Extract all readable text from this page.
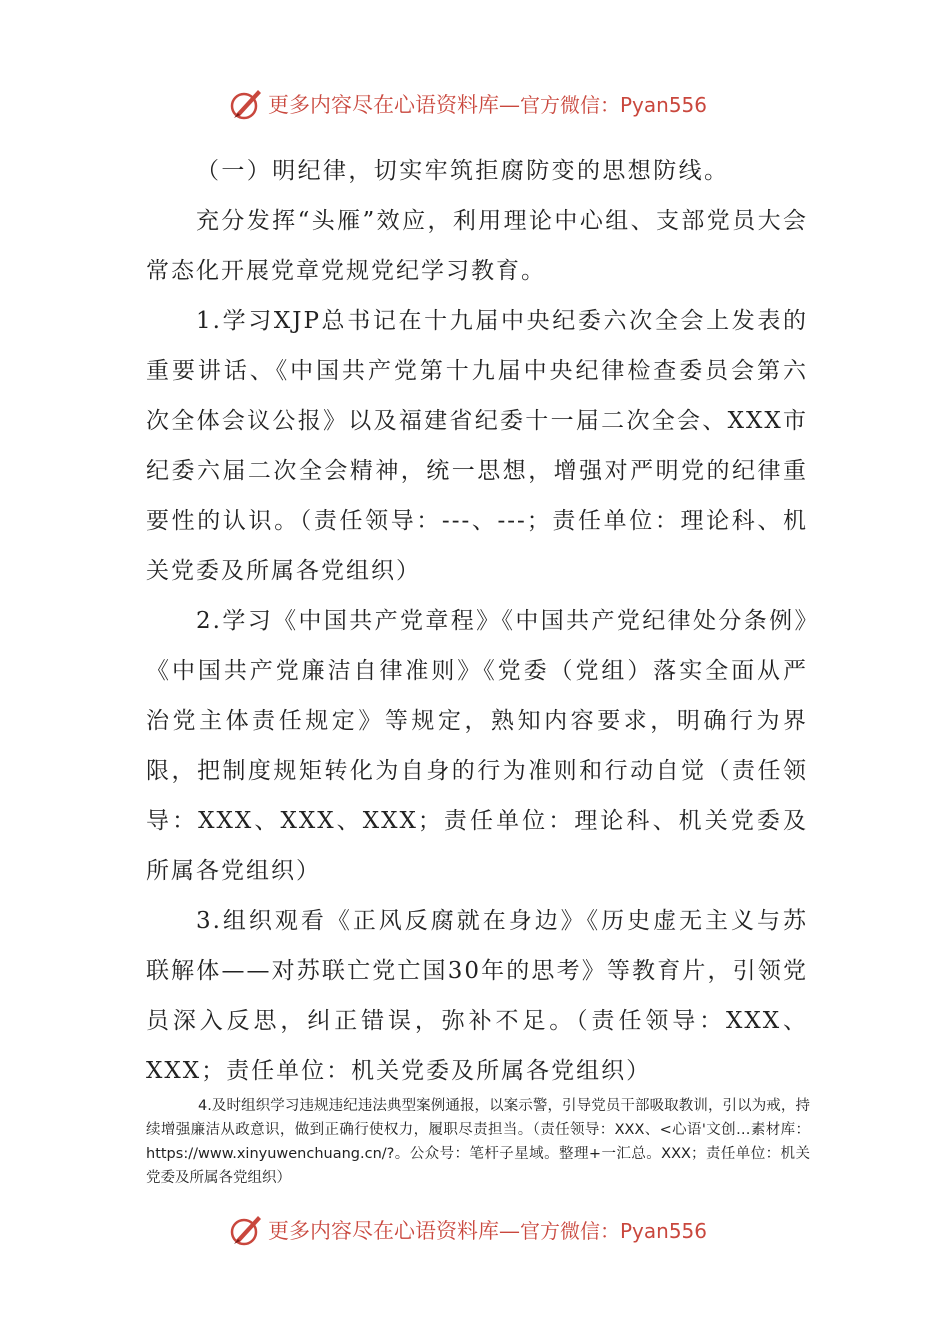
更多内容尽在心语资料库—官方微信：Pyan556

（一）明纪律，切实牢筑拒腐防变的思想防线。

充分发挥“头雁”效应，利用理论中心组、支部党员大会常态化开展党章党规党纪学习教育。

1.学习XJP总书记在十九届中央纪委六次全会上发表的重要讲话、《中国共产党第十九届中央纪律检查委员会第六次全体会议公报》以及福建省纪委十一届二次全会、XXX市纪委六届二次全会精神，统一思想，增强对严明党的纪律重要性的认识。（责任领导：---、---；责任单位：理论科、机关党委及所属各党组织）

2.学习《中国共产党章程》《中国共产党纪律处分条例》《中国共产党廉洁自律准则》《党委（党组）落实全面从严治党主体责任规定》等规定，熟知内容要求，明确行为界限，把制度规矩转化为自身的行为准则和行动自觉（责任领导：XXX、XXX、XXX；责任单位：理论科、机关党委及所属各党组织）

3.组织观看《正风反腐就在身边》《历史虚无主义与苏联解体——对苏联亡党亡国30年的思考》等教育片，引领党员深入反思，纠正错误，弥补不足。（责任领导：XXX、XXX；责任单位：机关党委及所属各党组织）

4.及时组织学习违规违纪违法典型案例通报，以案示警，引导党员干部吸取教训，引以为戒，持续增强廉洁从政意识，做到正确行使权力，履职尽责担当。（责任领导：XXX、<心语'文创…素材库：https://www.xinyuwenchuang.cn/?。公众号：笔杆子星域。整理+一汇总。XXX；责任单位：机关党委及所属各党组织）

更多内容尽在心语资料库—官方微信：Pyan556
